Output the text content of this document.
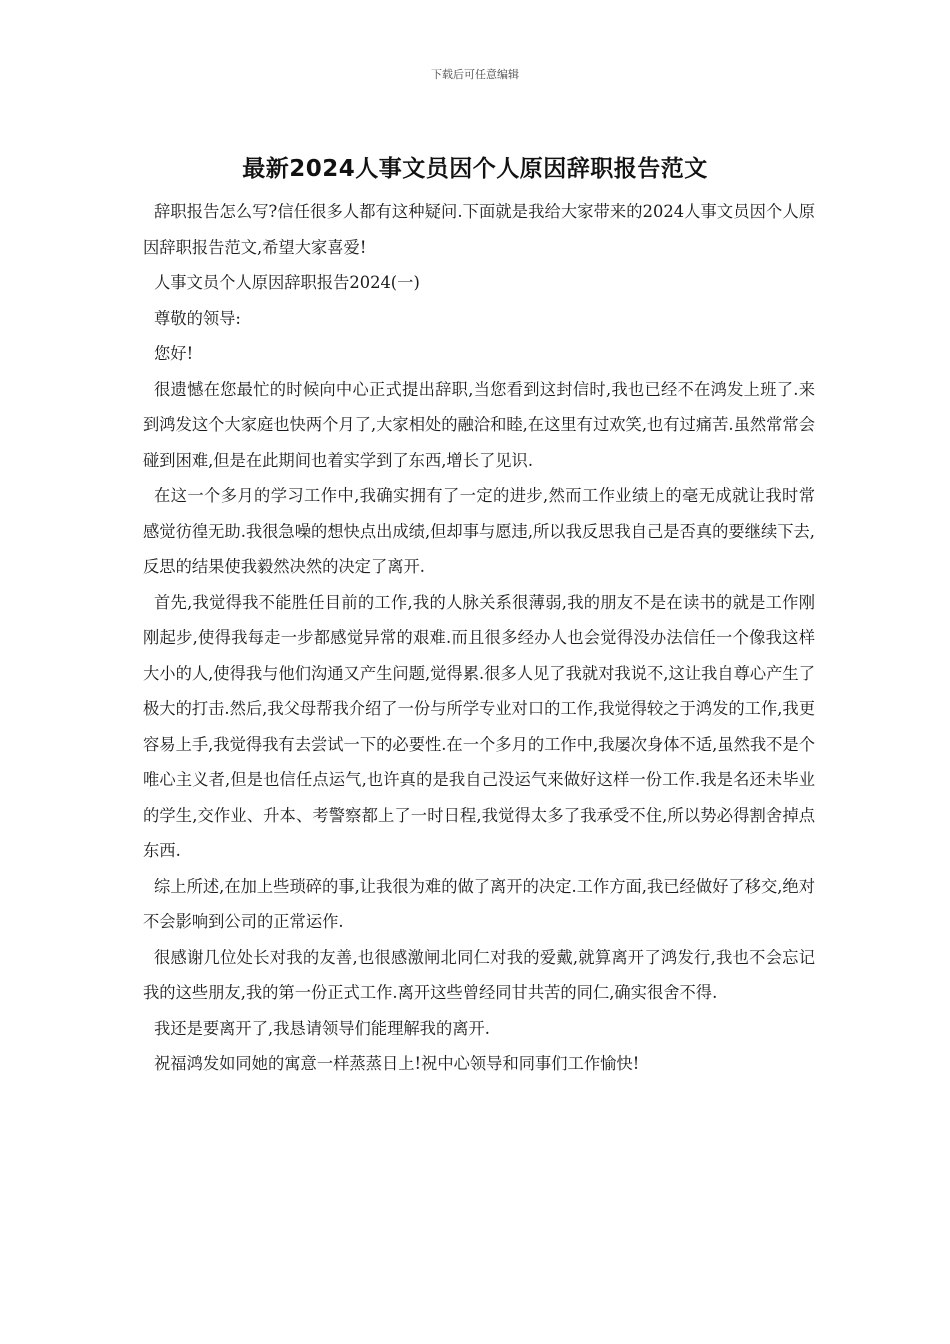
下载后可任意编辑
最新2024人事文员因个人原因辞职报告范文

辞职报告怎么写?信任很多人都有这种疑问.下面就是我给大家带来的2024人事文员因个人原因辞职报告范文,希望大家喜爱!

人事文员个人原因辞职报告2024(一)

尊敬的领导:

您好!

很遗憾在您最忙的时候向中心正式提出辞职,当您看到这封信时,我也已经不在鸿发上班了.来到鸿发这个大家庭也快两个月了,大家相处的融洽和睦,在这里有过欢笑,也有过痛苦.虽然常常会碰到困难,但是在此期间也着实学到了东西,增长了见识.

在这一个多月的学习工作中,我确实拥有了一定的进步,然而工作业绩上的毫无成就让我时常感觉彷徨无助.我很急噪的想快点出成绩,但却事与愿违,所以我反思我自己是否真的要继续下去,反思的结果使我毅然决然的决定了离开.

首先,我觉得我不能胜任目前的工作,我的人脉关系很薄弱,我的朋友不是在读书的就是工作刚刚起步,使得我每走一步都感觉异常的艰难.而且很多经办人也会觉得没办法信任一个像我这样大小的人,使得我与他们沟通又产生问题,觉得累.很多人见了我就对我说不,这让我自尊心产生了极大的打击.然后,我父母帮我介绍了一份与所学专业对口的工作,我觉得较之于鸿发的工作,我更容易上手,我觉得我有去尝试一下的必要性.在一个多月的工作中,我屡次身体不适,虽然我不是个唯心主义者,但是也信任点运气,也许真的是我自己没运气来做好这样一份工作.我是名还未毕业的学生,交作业、升本、考警察都上了一时日程,我觉得太多了我承受不住,所以势必得割舍掉点东西.

综上所述,在加上些琐碎的事,让我很为难的做了离开的决定.工作方面,我已经做好了移交,绝对不会影响到公司的正常运作.

很感谢几位处长对我的友善,也很感激闸北同仁对我的爱戴,就算离开了鸿发行,我也不会忘记我的这些朋友,我的第一份正式工作.离开这些曾经同甘共苦的同仁,确实很舍不得.

我还是要离开了,我恳请领导们能理解我的离开.

祝福鸿发如同她的寓意一样蒸蒸日上!祝中心领导和同事们工作愉快!
